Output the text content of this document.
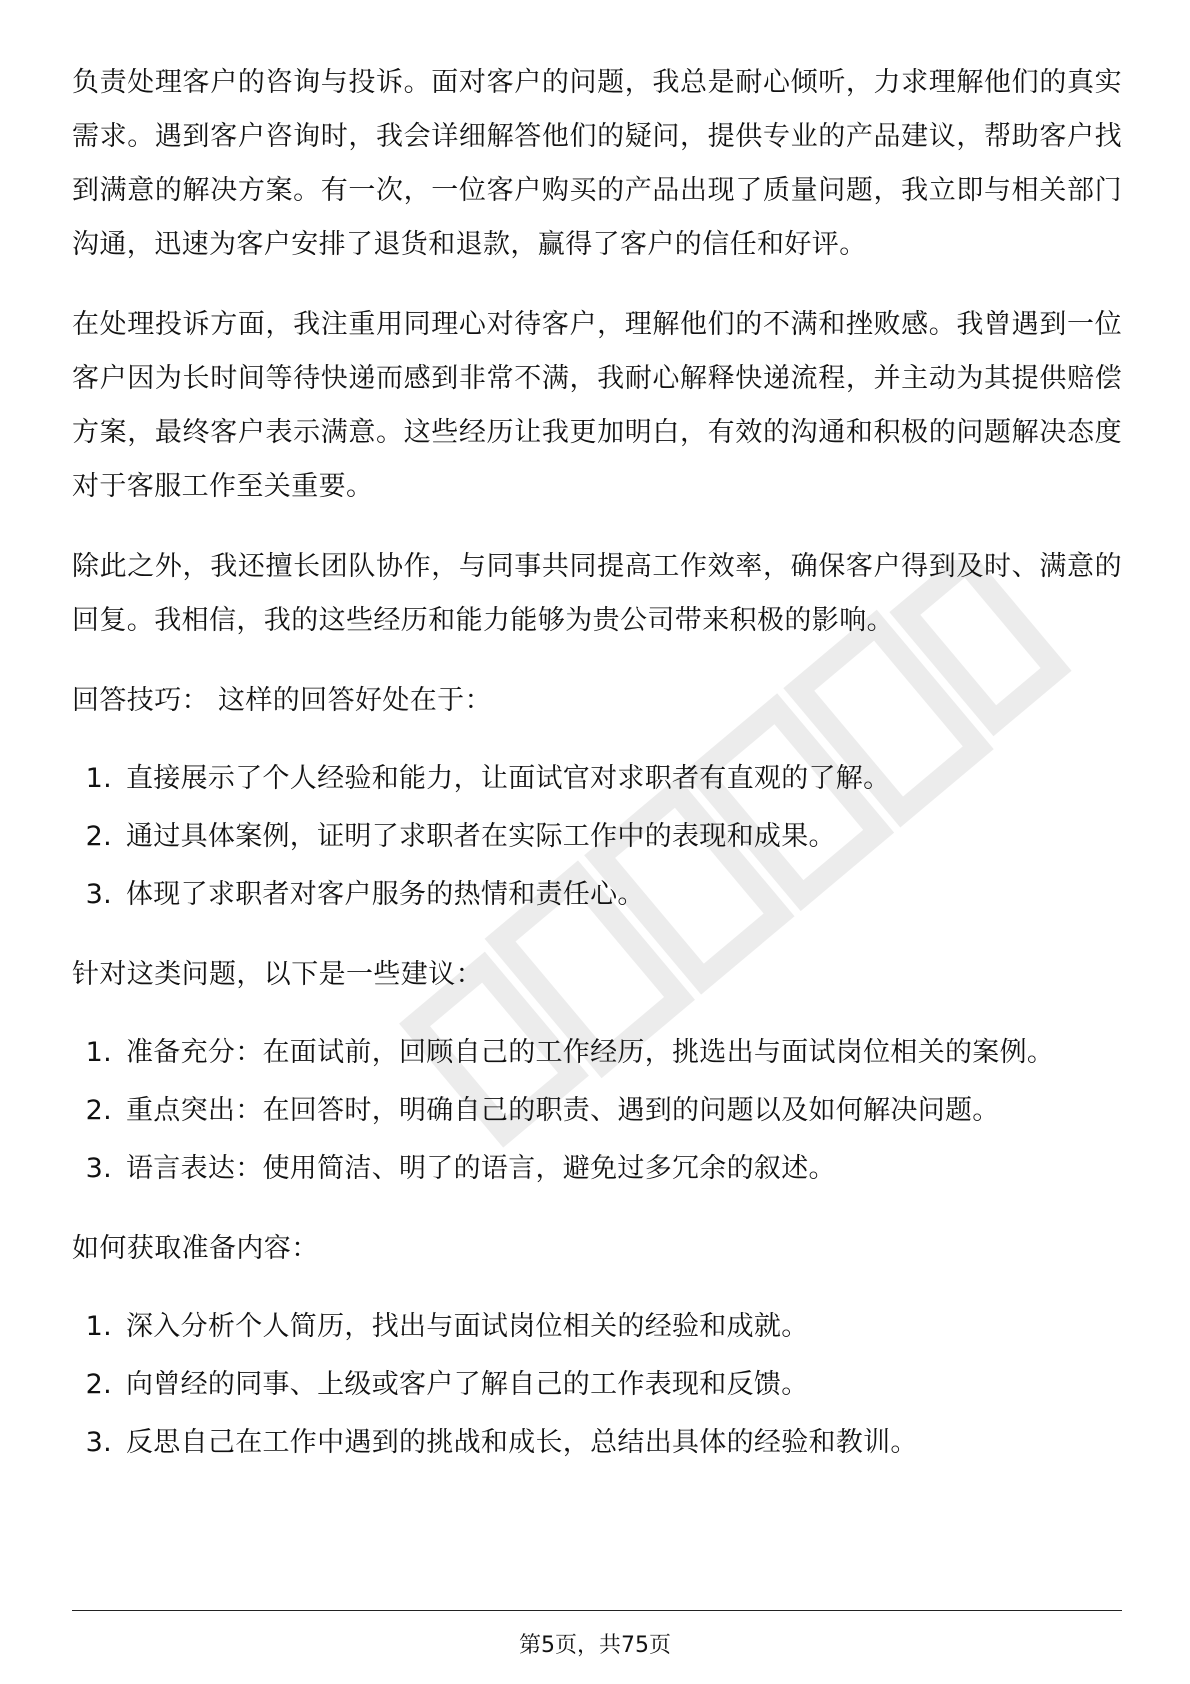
负责处理客户的咨询与投诉。面对客户的问题，我总是耐心倾听，力求理解他们的真实需求。遇到客户咨询时，我会详细解答他们的疑问，提供专业的产品建议，帮助客户找到满意的解决方案。有一次，一位客户购买的产品出现了质量问题，我立即与相关部门沟通，迅速为客户安排了退货和退款，赢得了客户的信任和好评。

在处理投诉方面，我注重用同理心对待客户，理解他们的不满和挫败感。我曾遇到一位客户因为长时间等待快递而感到非常不满，我耐心解释快递流程，并主动为其提供赔偿方案，最终客户表示满意。这些经历让我更加明白，有效的沟通和积极的问题解决态度对于客服工作至关重要。

除此之外，我还擅长团队协作，与同事共同提高工作效率，确保客户得到及时、满意的回复。我相信，我的这些经历和能力能够为贵公司带来积极的影响。

回答技巧： 这样的回答好处在于：
1. 直接展示了个人经验和能力，让面试官对求职者有直观的了解。
2. 通过具体案例，证明了求职者在实际工作中的表现和成果。
3. 体现了求职者对客户服务的热情和责任心。
针对这类问题，以下是一些建议：
1. 准备充分：在面试前，回顾自己的工作经历，挑选出与面试岗位相关的案例。
2. 重点突出：在回答时，明确自己的职责、遇到的问题以及如何解决问题。
3. 语言表达：使用简洁、明了的语言，避免过多冗余的叙述。
如何获取准备内容：
1. 深入分析个人简历，找出与面试岗位相关的经验和成就。
2. 向曾经的同事、上级或客户了解自己的工作表现和反馈。
3. 反思自己在工作中遇到的挑战和成长，总结出具体的经验和教训。
第5页，共75页
